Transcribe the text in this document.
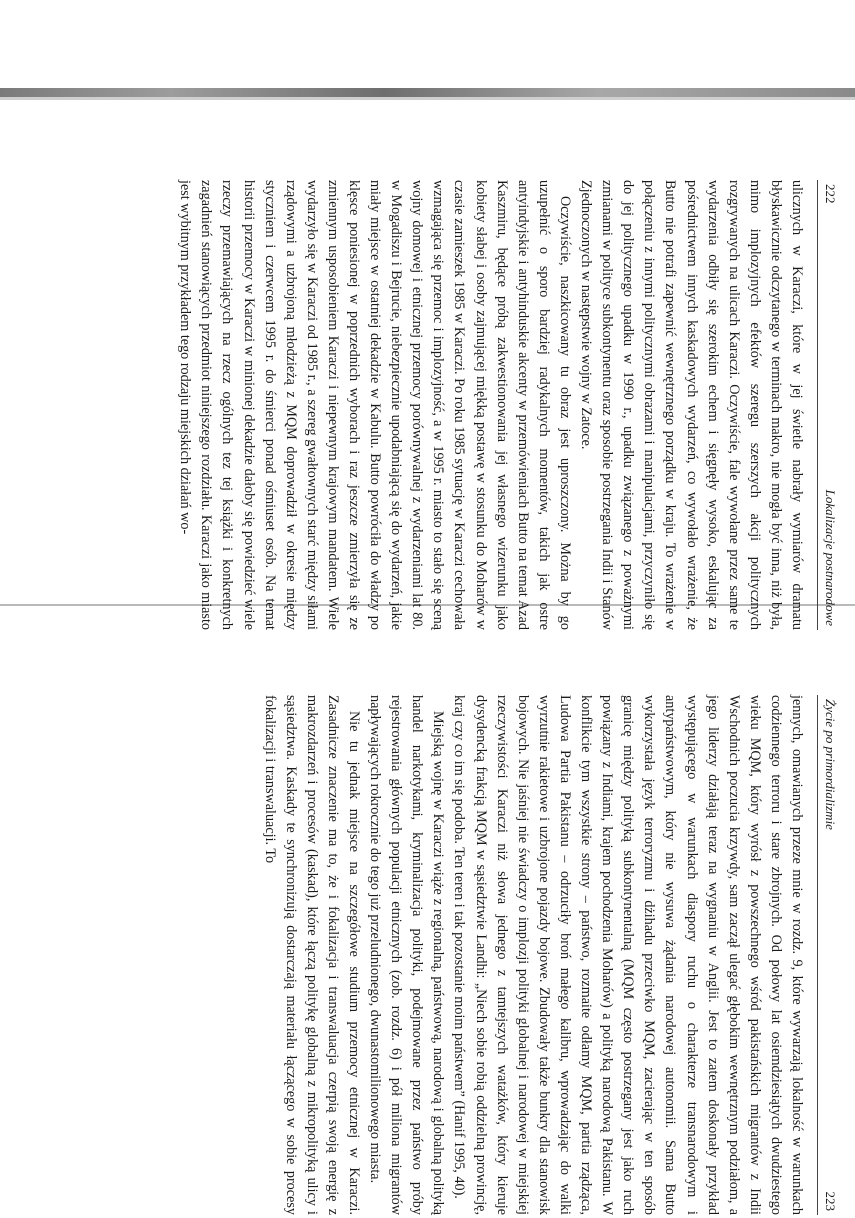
222
Lokalizacje postnarodowe

ulicznych w Karaczi, które w jej świetle nabrały wymiarów dramatu błyskawicznie odczytanego w terminach makro, nie mogła być inna, niż była, mimo implozyjnych efektów szeregu szerszych akcji politycznych rozgrywanych na ulicach Karaczi. Oczywiście, fale wywołane przez same te wydarzenia odbiły się szerokim echem i sięgnęły wysoko, eskalując za pośrednictwem innych kaskadowych wydarzeń, co wywołało wrażenie, że Butto nie potrafi zapewnić wewnętrznego porządku w kraju. To wrażenie w połączeniu z innymi politycznymi obrazami i manipulacjami, przyczyniło się do jej politycznego upadku w 1990 r., upadku związanego z poważnymi zmianami w polityce subkontynentu oraz sposobie postrzegania Indii i Stanów Zjednoczonych w następstwie wojny w Zatoce.

Oczywiście, naszkicowany tu obraz jest uproszczony. Można by go uzupełnić o sporo bardziej radykalnych momentów, takich jak ostre antyindyjskie i antyhinduskie akcenty w przemówieniach Butto na temat Azad Kaszmiru, będące próbą zakwestionowania jej własnego wizerunku jako kobiety słabej i osoby zajmującej miękką postawę w stosunku do Moharów w czasie zamieszek 1985 w Karaczi. Po roku 1985 sytuację w Karaczi cechowała wzmagająca się przemoc i implozyjność, a w 1995 r. miasto to stało się sceną wojny domowej i etnicznej przemocy porównywalnej z wydarzeniami lat 80. w Mogadiszu i Bejrucie, niebezpiecznie upodabniającą się do wydarzeń, jakie miały miejsce w ostatniej dekadzie w Kabulu. Butto powróciła do władzy po klęsce poniesionej w poprzednich wyborach i raz jeszcze zmierzyła się ze zmiennym usposobieniem Karaczi i niepewnym krajowym mandatem. Wiele wydarzyło się w Karaczi od 1985 r., a szereg gwałtownych starć między siłami rządowymi a uzbrojoną młodzieżą z MQM doprowadził w okresie między styczniem i czerwcem 1995 r. do śmierci ponad ośmiuset osób. Na temat historii przemocy w Karaczi w minionej dekadzie dałoby się powiedzieć wiele rzeczy przemawiających na rzecz ogólnych tez tej książki i konkretnych zagadnień stanowiących przedmiot niniejszego rozdziału. Karaczi jako miasto jest wybitnym przykładem tego rodzaju miejskich działań wo-

Życie po primordializmie
223

jennych, omawianych przeze mnie w rozdz. 9, które wywarzają lokalność w warunkach codziennego terroru i stare zbrojnych. Od połowy lat osiemdziesiątych dwudziestego wieku MQM, który wyrósł z powszechnego wśród pakistańskich migrantów z Indii Wschodnich poczucia krzywdy, sam zaczął ulegać głębokim wewnętrznym podziałom, a jego liderzy działają teraz na wygnaniu w Anglii. Jest to zatem doskonały przykład występującego w warunkach diaspory ruchu o charakterze transnarodowym i antypaństwowym, który nie wysuwa żądania narodowej autonomii. Sama Butto wykorzystała język terroryzmu i dżihadu przeciwko MQM, zacierając w ten sposób granicę między polityką subkontynentalną (MQM często postrzegany jest jako ruch powiązany z Indiami, krajem pochodzenia Moharów) a polityką narodową Pakistanu. W konflikcie tym wszystkie strony – państwo, rozmaite odłamy MQM, partia rządząca, Ludowa Partia Pakistanu – odrzuciły broń małego kalibru, wprowadzając do walki wyrzutnie rakietowe i uzbrojone pojazdy bojowe. Zbudowały także bunkry dla stanowisk bojowych. Nie jaśniej nie świadczy o implozji polityki globalnej i narodowej w miejskiej rzeczywistości Karaczi niż słowa jednego z tamtejszych watażków, który kieruje dysydencką frakcją MQM w sąsiedztwie Landhi: „Niech sobie robią oddzielną prowincję, kraj czy co im się podoba. Ten teren i tak pozostanie moim państwem” (Hanif 1995, 40).

Miejską wojnę w Karaczi wiąże z regionalną, państwową, narodową i globalną polityką handel narkotykami, kryminalizacja polityki, podejmowane przez państwo próby rejestrowania głównych populacji etnicznych (zob. rozdz. 6) i pół miliona migrantów napływających rokrocznie do tego już przeludnionego, dwunastomilionowego miasta.

Nie tu jednak miejsce na szczegółowe studium przemocy etnicznej w Karaczi. Zasadnicze znaczenie ma to, że i fokalizacja i transwaluacja czerpią swoją energię z makrozdarzeń i procesów (kaskad), które łączą politykę globalną z mikropolityką ulicy i sąsiedztwa. Kaskady te synchronizują dostarczają materiału łączącego w sobie procesy fokalizacji i transwaluacji. To
